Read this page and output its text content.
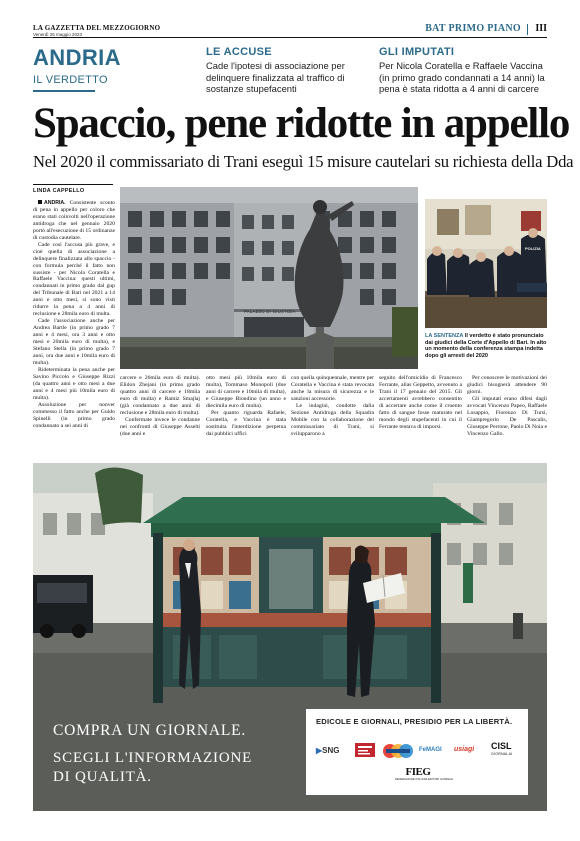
LA GAZZETTA DEL MEZZOGIORNO
Venerdì 26 maggio 2023
BAT PRIMO PIANO III
ANDRIA
IL VERDETTO
LE ACCUSE
Cade l'ipotesi di associazione per delinquere finalizzata al traffico di sostanze stupefacenti
GLI IMPUTATI
Per Nicola Coratella e Raffaele Vaccina (in primo grado condannati a 14 anni) la pena è stata ridotta a 4 anni di carcere
Spaccio, pene ridotte in appello
Nel 2020 il commissariato di Trani eseguì 15 misure cautelari su richiesta della Dda
LINDA CAPPELLO

ANDRIA. Consistente sconto di pena in appello per coloro che erano stati coinvolti nell'operazione antidroga che nel gennaio 2020 portò all'esecuzione di 15 ordinanze di custodia cautelare.

Cade così l'accusa più grave, e cioè quella di associazione a delinquere finalizzata allo spaccio - con formula perché il fatto non sussiste - per Nicola Coratella e Raffaele Vaccina: questi ultimi, condannati in primo grado dal gup del Tribunale di Bari nel 2021 a 14 anni e otto mesi, si sono visti ridurre la pena a 4 anni di reclusione e 28mila euro di multa.

Cade l'associazione anche per Andrea Bartle (in primo grado 7 anni e 4 mesi, ora 3 anni e otto mesi e 20mila euro di multa), e Stefano Stella (in primo grado 7 anni, ora due anni e 10mila euro di multa).

Rideterminata la pena anche per Savino Piccolo e Giuseppe Rizzi (da quattro anni e otto mesi a due anni e 4 mesi più 10mila euro di multa).

Assoluzione per nonver commesso il fatto anche per Guido Spinelli (in primo grado condannato a sei anni di

PALAZZO DI GIUSTIZIA
POLIZIA
LA SENTENZA Il verdetto è stato pronunciato dai giudici della Corte d'Appello di Bari. In alto un momento della conferenza stampa indetta dopo gli arresti del 2020

carcere e 26mila euro di multa). Elidon Zhejani (in primo grado quattro anni di carcere e 18mila euro di multa) e Ramiz Smajlaj (già condannato a due anni di reclusione e 28mila euro di multa).

Confermate invece le condanne nei confronti di Giuseppe Asselti (due anni e

otto mesi più 10mila euro di multa), Tommaso Monopoli (due anni di carcere e 10mila di multa), e Giuseppe Biondino (un anno e diecimila euro di multa).

Per quanto riguarda Rafaele, Coratella, e Vaccina è stata sostituita l'interdizione perpetua dai pubblici uffici

con quella quinquennale, mentre per Coratella e Vaccina è stata revocata anche la misura di sicurezza e le sanzioni accessorie.

Le indagini, condotte dalla Sezione Antidroga della Squadra Mobile con la collaborazione del commissariato di Trani, si svilupparono a

seguito dell'omicidio di Francesco Ferrante, alias Geppetto, avvenuto a Trani il 17 gennaio del 2015. Gli accertamenti avrebbero consentito di accertare anche come il cruento fatto di sangue fosse maturato nel mondo degli stupefacenti in cui il Ferrante tentava di imporsi.

Per conoscere le motivazioni dei giudici bisognerà attendere 90 giorni.

Gli imputati erano difesi dagli avvocati Vincenzo Papeo, Raffaele Losappio, Fiorenzo Di Tursi, Giampregorio De Pascalis, Giuseppe Perrone, Paolo Di Noia e Vincenzo Gallo.

COMPRA UN GIORNALE.
SCEGLI L'INFORMAZIONE
DI QUALITÀ.
EDICOLE E GIORNALI, PRESIDIO PER LA LIBERTÀ.
▶SNG	FeMAGI usiagi CISL
GIORNALAI
FIEG
FEDERAZIONE ITALIANA EDITORI GIORNALI
